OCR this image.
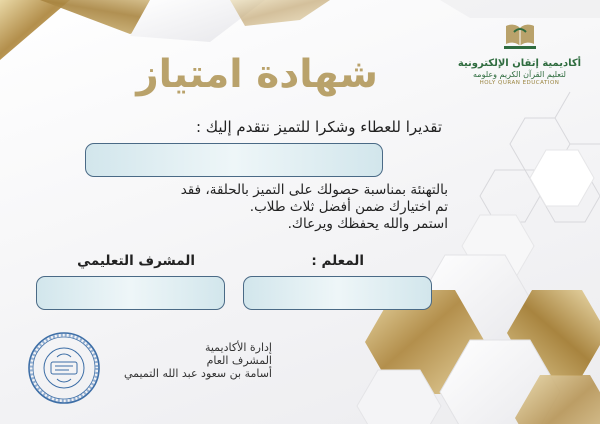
أكاديمية إتقان الإلكترونية
لتعليم القرآن الكريم وعلومه
HOLY QURAN EDUCATION
شهادة امتياز
تقديرا للعطاء وشكرا للتميز نتقدم إليك :
بالتهنئة بمناسبة حصولك على التميز بالحلقة، فقد
تم اختيارك ضمن أفضل ثلاث طلاب.
استمر والله يحفظك ويرعاك.
المعلم :
المشرف التعليمي
إدارة الأكاديمية
المشرف العام
أسامة بن سعود عبد الله التميمي
